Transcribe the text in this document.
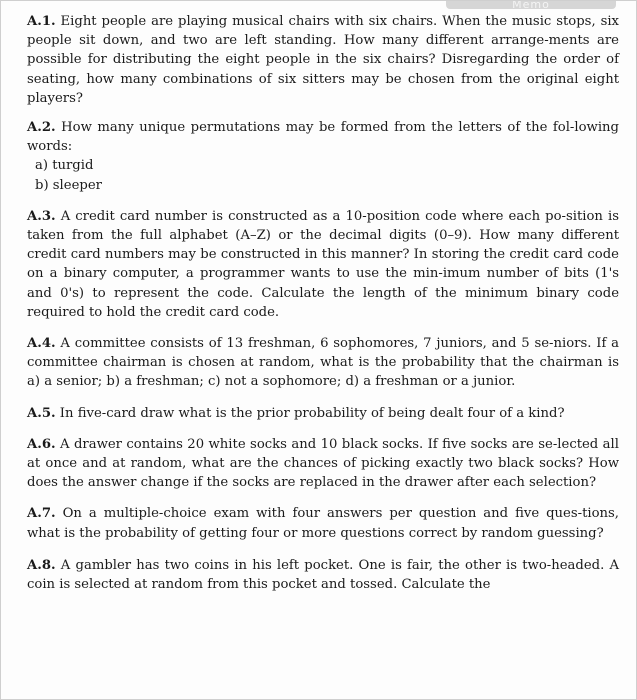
Memo

A.1. Eight people are playing musical chairs with six chairs. When the music stops, six people sit down, and two are left standing. How many different arrange-ments are possible for distributing the eight people in the six chairs? Disregarding the order of seating, how many combinations of six sitters may be chosen from the original eight players?

A.2. How many unique permutations may be formed from the letters of the fol-lowing words:

a) turgid
b) sleeper

A.3. A credit card number is constructed as a 10-position code where each po-sition is taken from the full alphabet (A–Z) or the decimal digits (0–9). How many different credit card numbers may be constructed in this manner? In storing the credit card code on a binary computer, a programmer wants to use the min-imum number of bits (1's and 0's) to represent the code. Calculate the length of the minimum binary code required to hold the credit card code.

A.4. A committee consists of 13 freshman, 6 sophomores, 7 juniors, and 5 se-niors. If a committee chairman is chosen at random, what is the probability that the chairman is a) a senior; b) a freshman; c) not a sophomore; d) a freshman or a junior.

A.5. In five-card draw what is the prior probability of being dealt four of a kind?

A.6. A drawer contains 20 white socks and 10 black socks. If five socks are se-lected all at once and at random, what are the chances of picking exactly two black socks? How does the answer change if the socks are replaced in the drawer after each selection?

A.7. On a multiple-choice exam with four answers per question and five ques-tions, what is the probability of getting four or more questions correct by random guessing?

A.8. A gambler has two coins in his left pocket. One is fair, the other is two-headed. A coin is selected at random from this pocket and tossed. Calculate the
